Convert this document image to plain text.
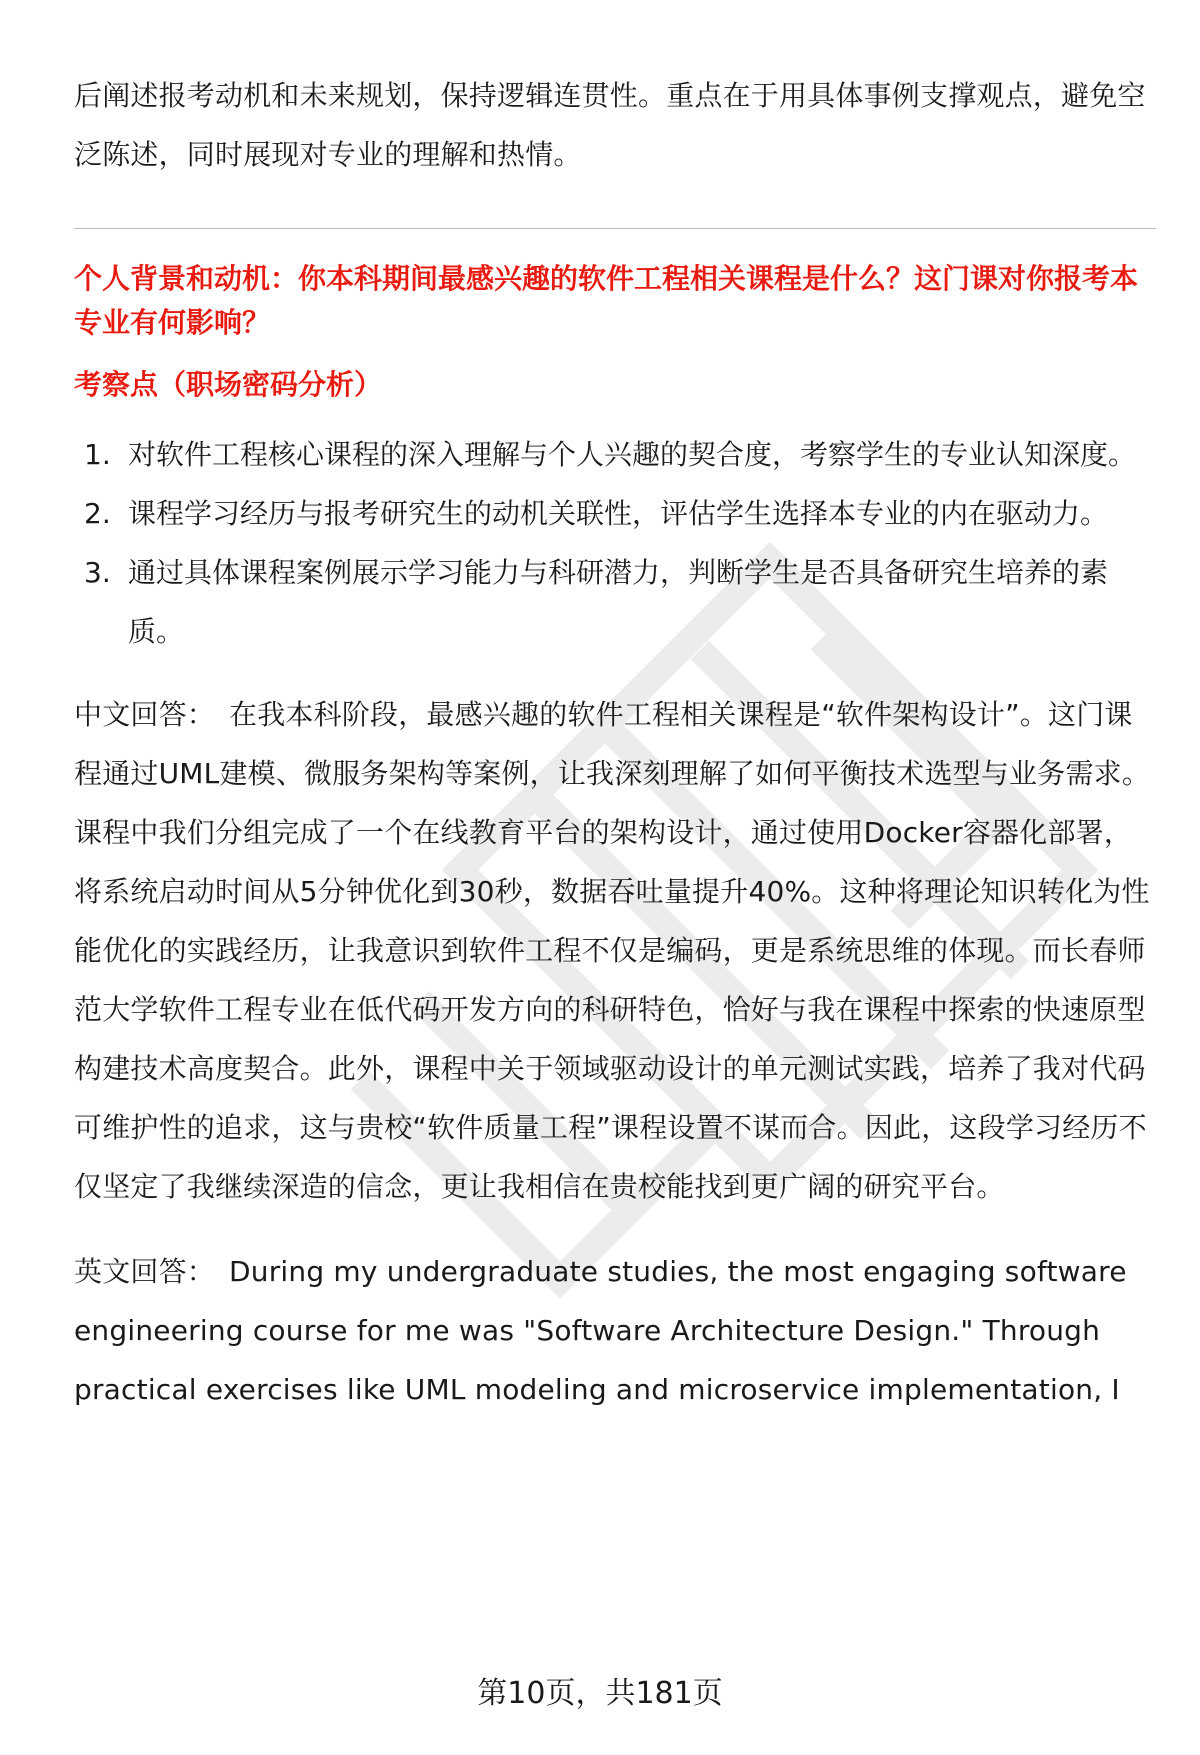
后阐述报考动机和未来规划，保持逻辑连贯性。重点在于用具体事例支撑观点，避免空泛陈述，同时展现对专业的理解和热情。

个人背景和动机：你本科期间最感兴趣的软件工程相关课程是什么？这门课对你报考本专业有何影响？

考察点（职场密码分析）

1. 对软件工程核心课程的深入理解与个人兴趣的契合度，考察学生的专业认知深度。
2. 课程学习经历与报考研究生的动机关联性，评估学生选择本专业的内在驱动力。
3. 通过具体课程案例展示学习能力与科研潜力，判断学生是否具备研究生培养的素质。

中文回答： 在我本科阶段，最感兴趣的软件工程相关课程是“软件架构设计”。这门课程通过UML建模、微服务架构等案例，让我深刻理解了如何平衡技术选型与业务需求。课程中我们分组完成了一个在线教育平台的架构设计，通过使用Docker容器化部署，将系统启动时间从5分钟优化到30秒，数据吞吐量提升40%。这种将理论知识转化为性能优化的实践经历，让我意识到软件工程不仅是编码，更是系统思维的体现。而长春师范大学软件工程专业在低代码开发方向的科研特色，恰好与我在课程中探索的快速原型构建技术高度契合。此外，课程中关于领域驱动设计的单元测试实践，培养了我对代码可维护性的追求，这与贵校“软件质量工程”课程设置不谋而合。因此，这段学习经历不仅坚定了我继续深造的信念，更让我相信在贵校能找到更广阔的研究平台。

英文回答： During my undergraduate studies, the most engaging software engineering course for me was "Software Architecture Design." Through practical exercises like UML modeling and microservice implementation, I

第10页，共181页
